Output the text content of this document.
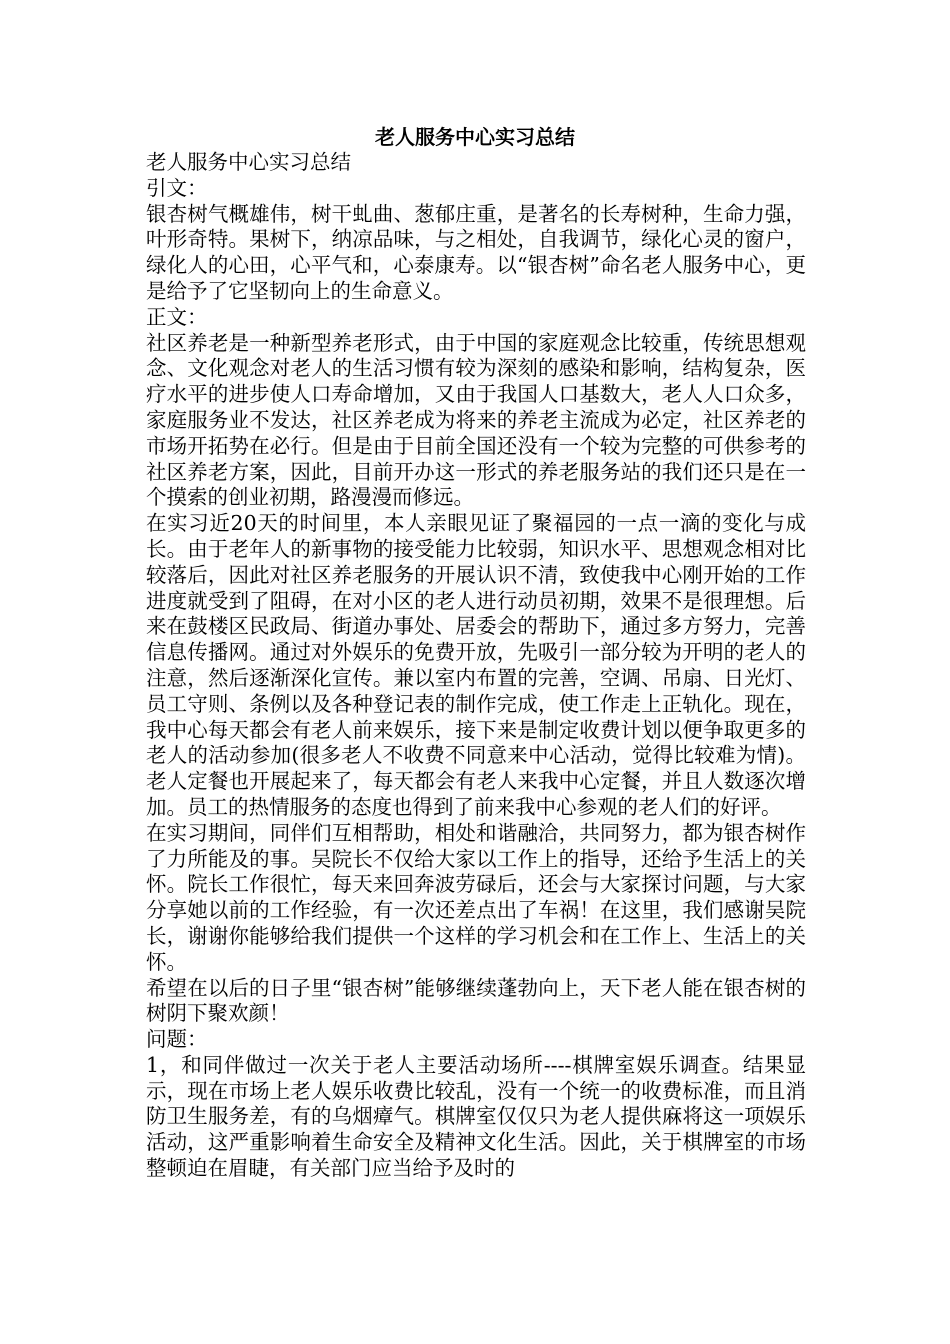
老人服务中心实习总结

老人服务中心实习总结

引文：

银杏树气概雄伟，树干虬曲、葱郁庄重，是著名的长寿树种，生命力强，叶形奇特。果树下，纳凉品味，与之相处，自我调节，绿化心灵的窗户，绿化人的心田，心平气和，心泰康寿。以“银杏树”命名老人服务中心，更是给予了它坚韧向上的生命意义。

正文：

社区养老是一种新型养老形式，由于中国的家庭观念比较重，传统思想观念、文化观念对老人的生活习惯有较为深刻的感染和影响，结构复杂，医疗水平的进步使人口寿命增加，又由于我国人口基数大，老人人口众多，家庭服务业不发达，社区养老成为将来的养老主流成为必定，社区养老的市场开拓势在必行。但是由于目前全国还没有一个较为完整的可供参考的社区养老方案，因此，目前开办这一形式的养老服务站的我们还只是在一个摸索的创业初期，路漫漫而修远。

在实习近20天的时间里，本人亲眼见证了聚福园的一点一滴的变化与成长。由于老年人的新事物的接受能力比较弱，知识水平、思想观念相对比较落后，因此对社区养老服务的开展认识不清，致使我中心刚开始的工作进度就受到了阻碍，在对小区的老人进行动员初期，效果不是很理想。后来在鼓楼区民政局、街道办事处、居委会的帮助下，通过多方努力，完善信息传播网。通过对外娱乐的免费开放，先吸引一部分较为开明的老人的注意，然后逐渐深化宣传。兼以室内布置的完善，空调、吊扇、日光灯、员工守则、条例以及各种登记表的制作完成，使工作走上正轨化。现在，我中心每天都会有老人前来娱乐，接下来是制定收费计划以便争取更多的老人的活动参加(很多老人不收费不同意来中心活动，觉得比较难为情)。老人定餐也开展起来了，每天都会有老人来我中心定餐，并且人数逐次增加。员工的热情服务的态度也得到了前来我中心参观的老人们的好评。

在实习期间，同伴们互相帮助，相处和谐融洽，共同努力，都为银杏树作了力所能及的事。吴院长不仅给大家以工作上的指导，还给予生活上的关怀。院长工作很忙，每天来回奔波劳碌后，还会与大家探讨问题，与大家分享她以前的工作经验，有一次还差点出了车祸！在这里，我们感谢吴院长，谢谢你能够给我们提供一个这样的学习机会和在工作上、生活上的关怀。

希望在以后的日子里“银杏树”能够继续蓬勃向上，天下老人能在银杏树的树阴下聚欢颜！

问题：

1，和同伴做过一次关于老人主要活动场所----棋牌室娱乐调查。结果显示，现在市场上老人娱乐收费比较乱，没有一个统一的收费标准，而且消防卫生服务差，有的乌烟瘴气。棋牌室仅仅只为老人提供麻将这一项娱乐活动，这严重影响着生命安全及精神文化生活。因此，关于棋牌室的市场整顿迫在眉睫，有关部门应当给予及时的
